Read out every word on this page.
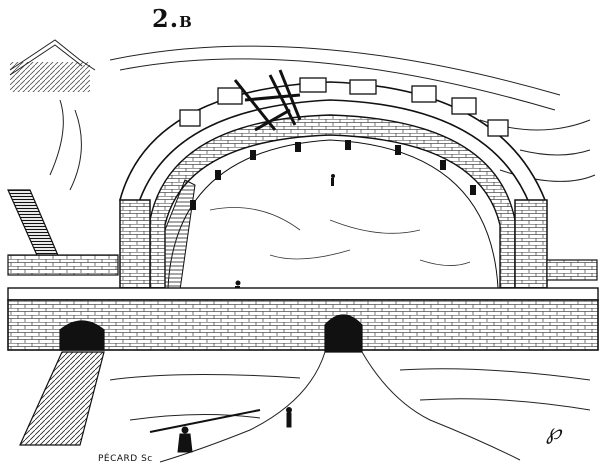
2.B
PÉCARD Sc
℘
